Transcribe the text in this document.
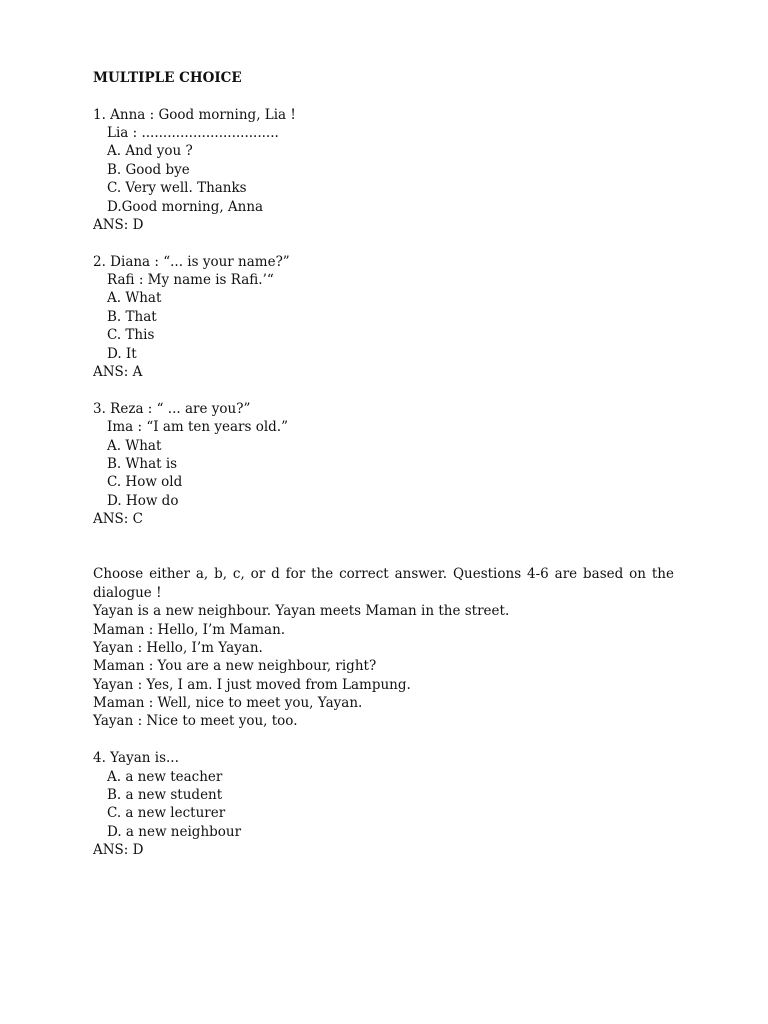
MULTIPLE CHOICE
1. Anna : Good morning, Lia !
Lia : ................................
A. And you ?
B. Good bye
C. Very well. Thanks
D.Good morning, Anna
ANS: D
2. Diana : “... is your name?”
Rafi : My name is Rafi.’“
A. What
B. That
C. This
D. It
ANS: A
3. Reza : “ ... are you?”
Ima : “I am ten years old.”
A. What
B. What is
C. How old
D. How do
ANS: C
Choose either a, b, c, or d for the correct answer. Questions 4-6 are based on the
dialogue !
Yayan is a new neighbour. Yayan meets Maman in the street.
Maman : Hello, I’m Maman.
Yayan : Hello, I’m Yayan.
Maman : You are a new neighbour, right?
Yayan : Yes, I am. I just moved from Lampung.
Maman : Well, nice to meet you, Yayan.
Yayan : Nice to meet you, too.
4. Yayan is...
A. a new teacher
B. a new student
C. a new lecturer
D. a new neighbour
ANS: D
